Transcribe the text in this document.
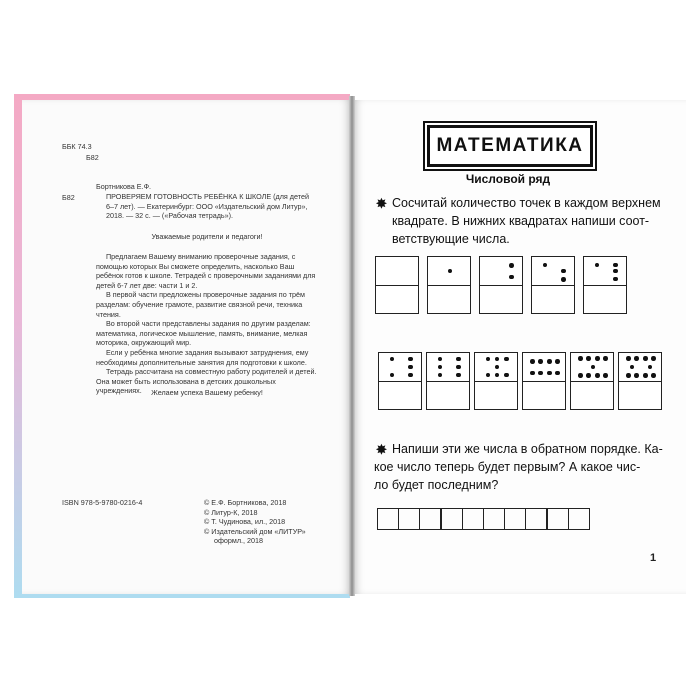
ББК 74.3
Б82
Б82
Бортникова Е.Ф.
ПРОВЕРЯЕМ ГОТОВНОСТЬ РЕБЁНКА К ШКОЛЕ (для детей 6–7 лет). — Екатеринбург: ООО «Издательский дом Литур», 2018. — 32 с. — («Рабочая тетрадь»).
Уважаемые родители и педагоги!

Предлагаем Вашему вниманию проверочные задания, с помощью которых Вы сможете определить, насколько Ваш ребёнок готов к школе. Тетрадей с проверочными заданиями для детей 6-7 лет две: части 1 и 2.

В первой части предложены проверочные задания по трём разделам: обучение грамоте, развитие связной речи, техника чтения.

Во второй части представлены задания по другим разделам: математика, логическое мышление, память, внимание, мелкая моторика, окружающий мир.

Если у ребёнка многие задания вызывают затруднения, ему необходимы дополнительные занятия для подготовки к школе.

Тетрадь рассчитана на совместную работу родителей и детей. Она может быть использована в детских дошкольных учреждениях.	Желаем успеха Вашему ребенку!
ISBN 978-5-9780-0216-4	© Е.Ф. Бортникова, 2018

© Литур-К, 2018

© Т. Чудинова, ил., 2018

© Издательский дом «ЛИТУР»

оформл., 2018

МАТЕМАТИКА
Числовой ряд
✸ Сосчитай количество точек в каждом верхнем
квадрате. В нижних квадратах напиши соот-
ветствующие числа.
✸ Напиши эти же числа в обратном порядке. Ка-
кое число теперь будет первым? А какое чис-
ло будет последним?
1
